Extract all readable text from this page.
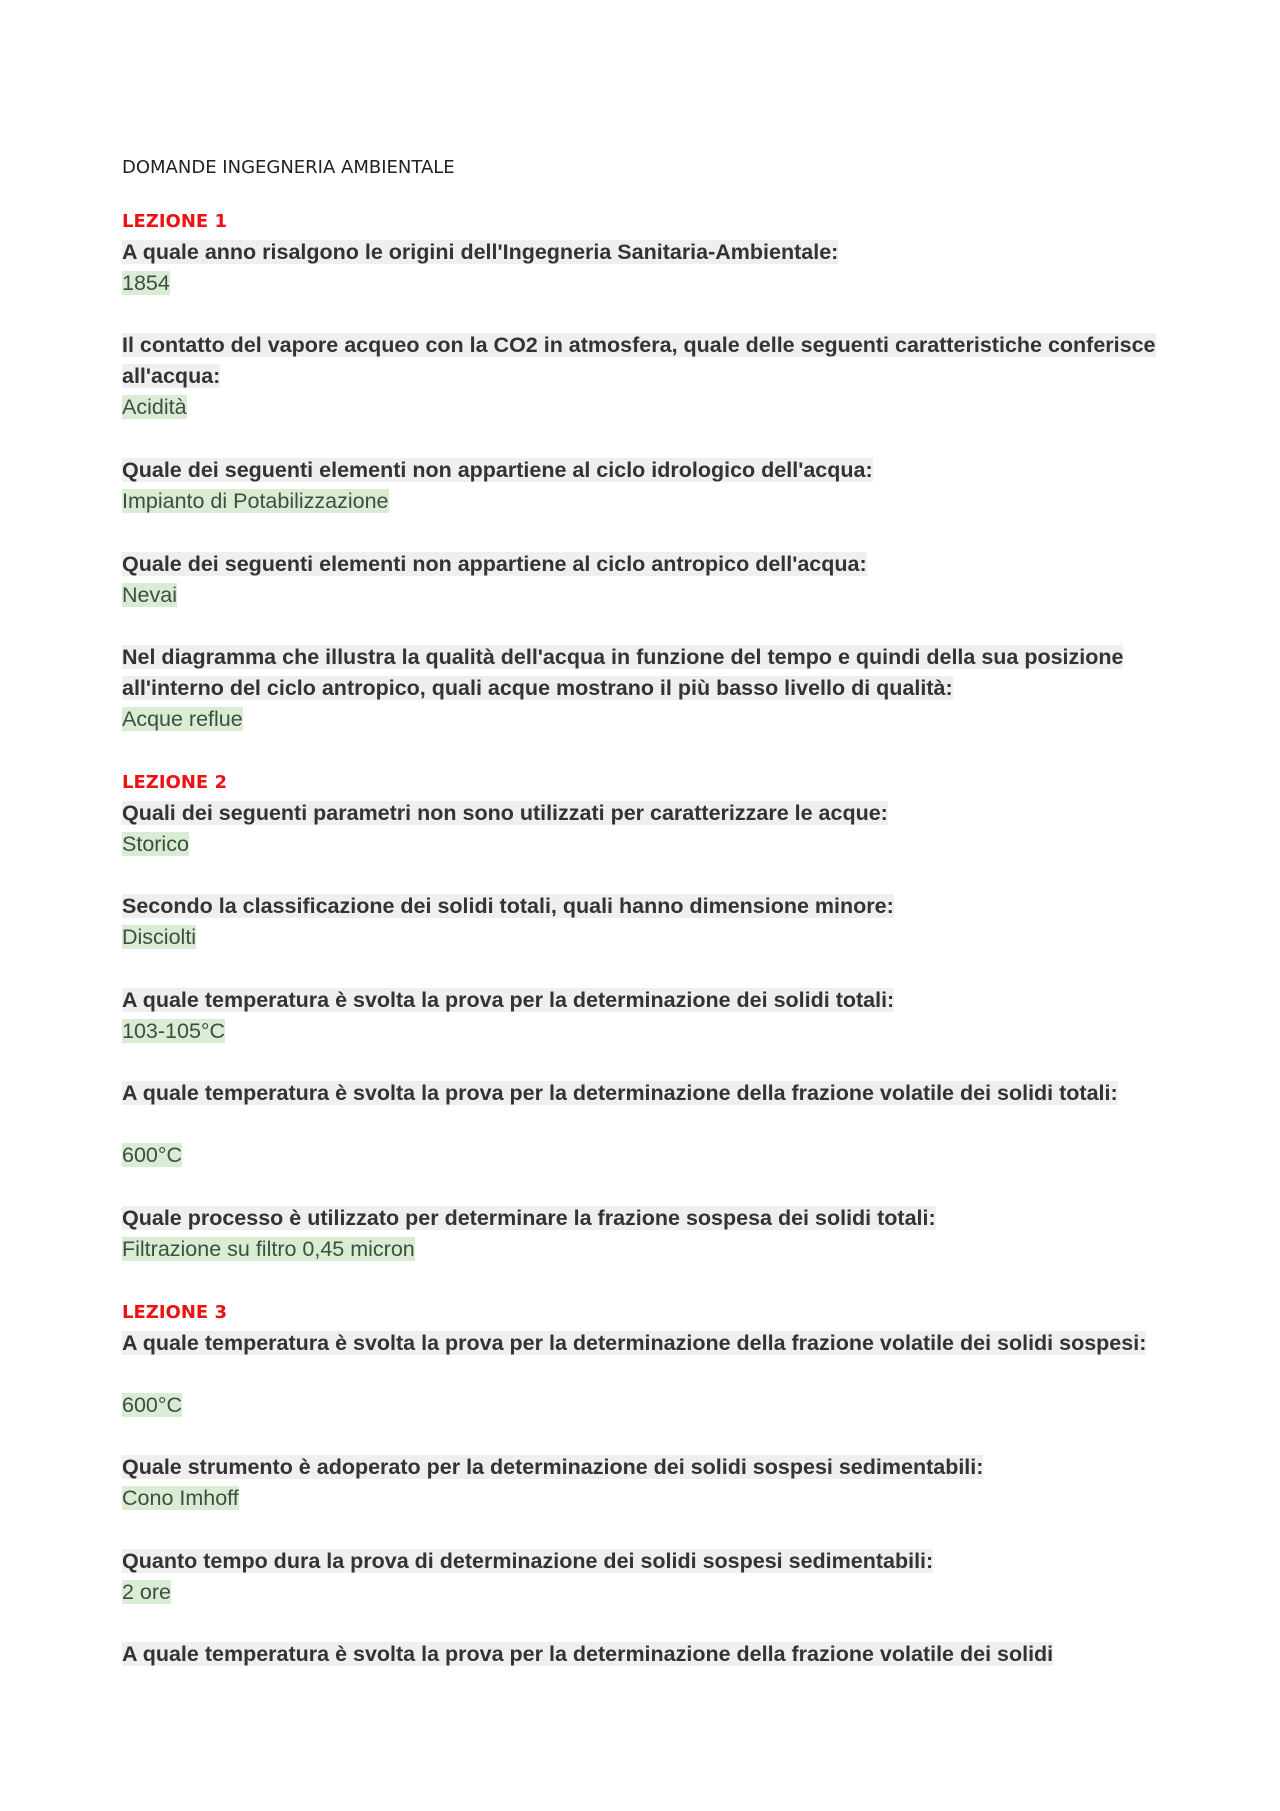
DOMANDE INGEGNERIA AMBIENTALE
LEZIONE 1
A quale anno risalgono le origini dell'Ingegneria Sanitaria-Ambientale:
1854
Il contatto del vapore acqueo con la CO2 in atmosfera, quale delle seguenti caratteristiche conferisce all'acqua:
Acidità
Quale dei seguenti elementi non appartiene al ciclo idrologico dell'acqua:
Impianto di Potabilizzazione
Quale dei seguenti elementi non appartiene al ciclo antropico dell'acqua:
Nevai
Nel diagramma che illustra la qualità dell'acqua in funzione del tempo e quindi della sua posizione all'interno del ciclo antropico, quali acque mostrano il più basso livello di qualità:
Acque reflue
LEZIONE 2
Quali dei seguenti parametri non sono utilizzati per caratterizzare le acque:
Storico
Secondo la classificazione dei solidi totali, quali hanno dimensione minore:
Disciolti
A quale temperatura è svolta la prova per la determinazione dei solidi totali:
103-105°C
A quale temperatura è svolta la prova per la determinazione della frazione volatile dei solidi totali:
600°C
Quale processo è utilizzato per determinare la frazione sospesa dei solidi totali:
Filtrazione su filtro 0,45 micron
LEZIONE 3
A quale temperatura è svolta la prova per la determinazione della frazione volatile dei solidi sospesi:
600°C
Quale strumento è adoperato per la determinazione dei solidi sospesi sedimentabili:
Cono Imhoff
Quanto tempo dura la prova di determinazione dei solidi sospesi sedimentabili:
2 ore
A quale temperatura è svolta la prova per la determinazione della frazione volatile dei solidi
